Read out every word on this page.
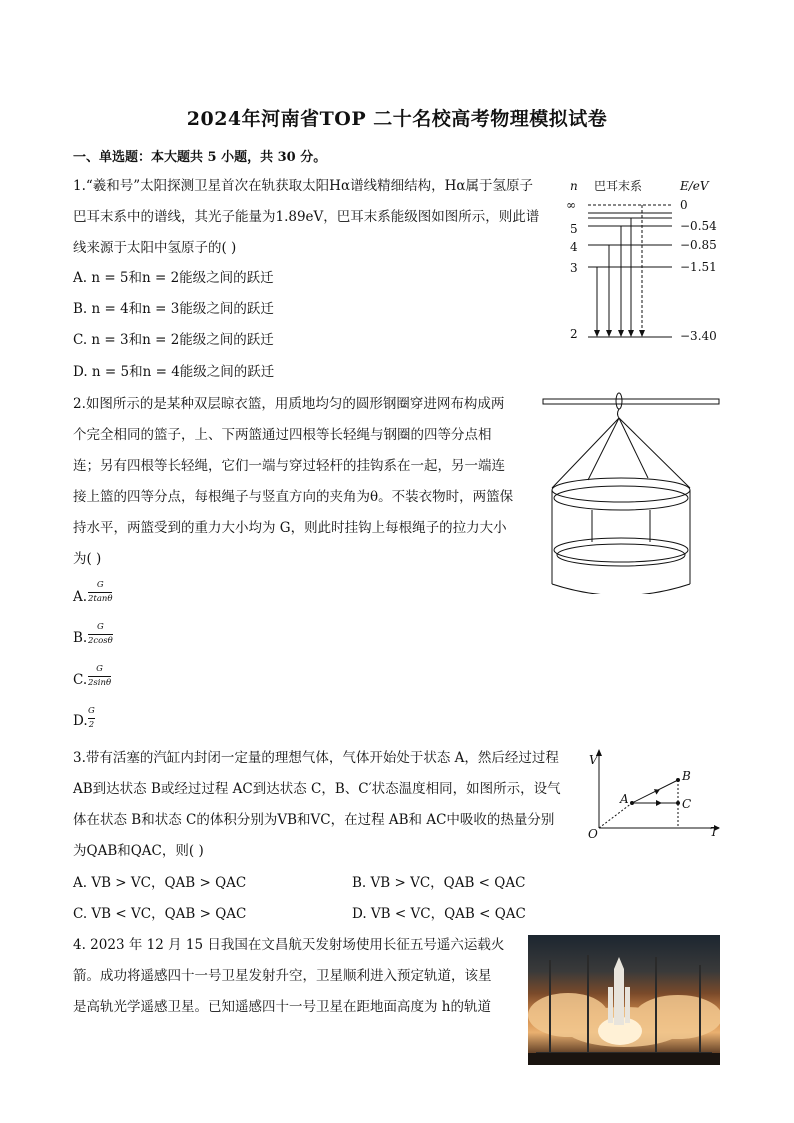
2024年河南省TOP 二十名校高考物理模拟试卷
一、单选题：本大题共 5 小题，共 30 分。
1.“羲和号”太阳探测卫星首次在轨获取太阳Hα谱线精细结构，Hα属于氢原子
巴耳末系中的谱线，其光子能量为1.89eV，巴耳末系能级图如图所示，则此谱
线来源于太阳中氢原子的( )
A. n = 5和n = 2能级之间的跃迁
B. n = 4和n = 3能级之间的跃迁
C. n = 3和n = 2能级之间的跃迁
D. n = 5和n = 4能级之间的跃迁
n 巴耳末系	E/eV
∞
5
4
3
2
0
−0.54
−0.85
−1.51
−3.40
2.如图所示的是某种双层晾衣篮，用质地均匀的圆形钢圈穿进网布构成两
个完全相同的篮子，上、下两篮通过四根等长轻绳与钢圈的四等分点相
连；另有四根等长轻绳，它们一端与穿过轻杆的挂钩系在一起，另一端连
接上篮的四等分点，每根绳子与竖直方向的夹角为θ。不装衣物时，两篮保
持水平，两篮受到的重力大小均为 G，则此时挂钩上每根绳子的拉力大小
为( )
A.
G
2tanθ
B.
G
2cosθ
C.
G
2sinθ
D.
G
2
3.带有活塞的汽缸内封闭一定量的理想气体，气体开始处于状态 A，然后经过过程
AB到达状态 B或经过过程 AC到达状态 C，B、C′状态温度相同，如图所示，设气
体在状态 B和状态 C的体积分别为VB和VC，在过程 AB和 AC中吸收的热量分别
为QAB和QAC，则( )
A. VB > VC，QAB > QAC	B. VB > VC，QAB < QAC
C. VB < VC，QAB > QAC	D. VB < VC，QAB < QAC
V
T
O
A
B
C
4. 2023 年 12 月 15 日我国在文昌航天发射场使用长征五号遥六运载火
箭。成功将遥感四十一号卫星发射升空，卫星顺利进入预定轨道，该星
是高轨光学遥感卫星。已知遥感四十一号卫星在距地面高度为 h的轨道
